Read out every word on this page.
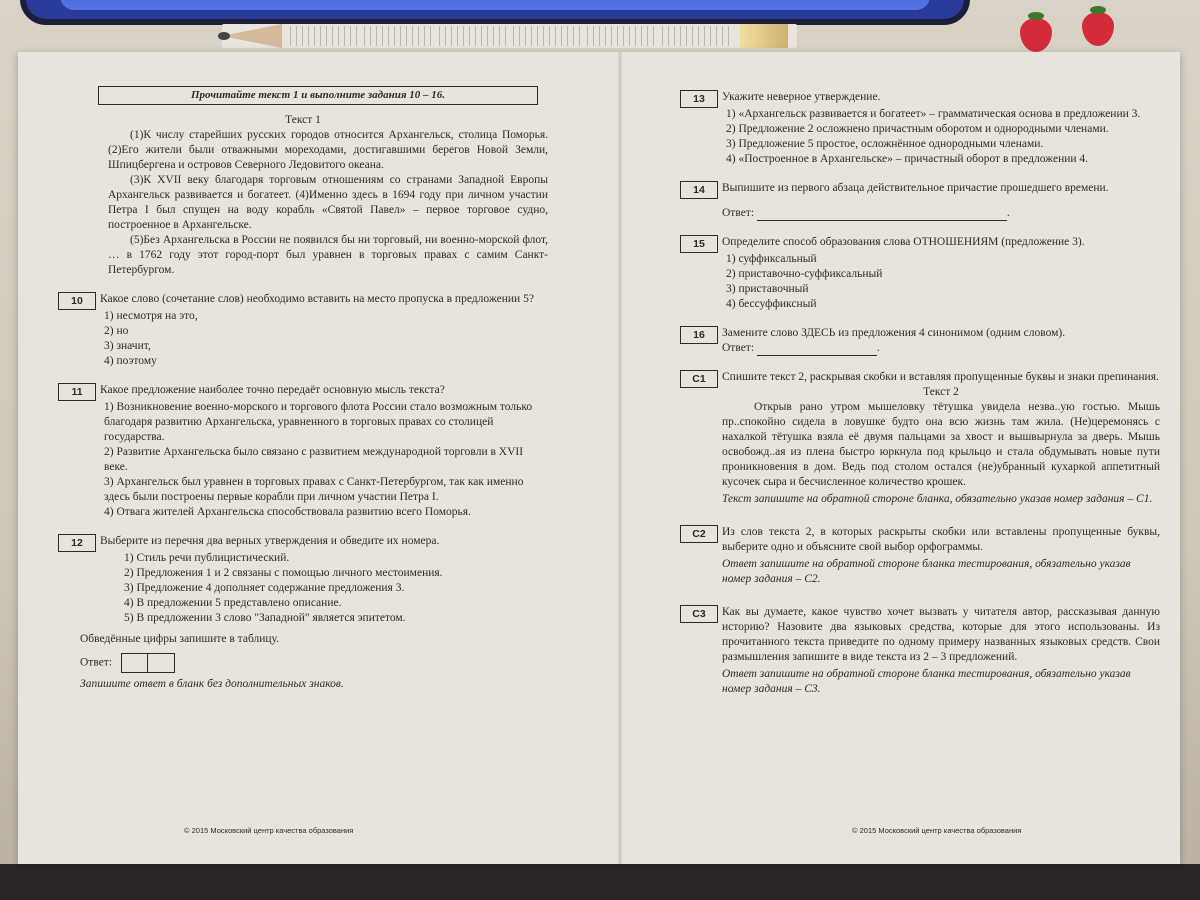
Прочитайте текст 1 и выполните задания 10 – 16.
Текст 1

(1)К числу старейших русских городов относится Архангельск, столица Поморья. (2)Его жители были отважными мореходами, достигавшими берегов Новой Земли, Шпицбергена и островов Северного Ледовитого океана.

(3)К XVII веку благодаря торговым отношениям со странами Западной Европы Архангельск развивается и богатеет. (4)Именно здесь в 1694 году при личном участии Петра I был спущен на воду корабль «Святой Павел» – первое торговое судно, построенное в Архангельске.

(5)Без Архангельска в России не появился бы ни торговый, ни военно-морской флот, … в 1762 году этот город-порт был уравнен в торговых правах с самим Санкт-Петербургом.

10	Какое слово (сочетание слов) необходимо вставить на место пропуска в предложении 5?
1) несмотря на это,
2) но
3) значит,
4) поэтому
11	Какое предложение наиболее точно передаёт основную мысль текста?
1) Возникновение военно-морского и торгового флота России стало возможным только благодаря развитию Архангельска, уравненного в торговых правах со столицей государства.
2) Развитие Архангельска было связано с развитием международной торговли в XVII веке.
3) Архангельск был уравнен в торговых правах с Санкт-Петербургом, так как именно здесь были построены первые корабли при личном участии Петра I.
4) Отвага жителей Архангельска способствовала развитию всего Поморья.
12	Выберите из перечня два верных утверждения и обведите их номера.
1) Стиль речи публицистический.
2) Предложения 1 и 2 связаны с помощью личного местоимения.
3) Предложение 4 дополняет содержание предложения 3.
4) В предложении 5 представлено описание.
5) В предложении 3 слово "Западной" является эпитетом.
Обведённые цифры запишите в таблицу.
Ответ:
Запишите ответ в бланк без дополнительных знаков.
© 2015 Московский центр качества образования
13	Укажите неверное утверждение.
1) «Архангельск развивается и богатеет» – грамматическая основа в предложении 3.
2) Предложение 2 осложнено причастным оборотом и однородными членами.
3) Предложение 5 простое, осложнённое однородными членами.
4) «Построенное в Архангельске» – причастный оборот в предложении 4.
14	Выпишите из первого абзаца действительное причастие прошедшего времени.
Ответ:	.
15	Определите способ образования слова ОТНОШЕНИЯМ (предложение 3).
1) суффиксальный
2) приставочно-суффиксальный
3) приставочный
4) бессуффиксный
16	Замените слово ЗДЕСЬ из предложения 4 синонимом (одним словом).
Ответ:	.
С1	Спишите текст 2, раскрывая скобки и вставляя пропущенные буквы и знаки препинания.
Текст 2

Открыв рано утром мышеловку тётушка увидела незва..ую гостью. Мышь пр..спокойно сидела в ловушке будто она всю жизнь там жила. (Не)церемонясь с нахалкой тётушка взяла её двумя пальцами за хвост и вышвырнула за дверь. Мышь освобожд..ая из плена быстро юркнула под крыльцо и стала обдумывать новые пути проникновения в дом. Ведь под столом остался (не)убранный кухаркой аппетитный кусочек сыра и бесчисленное количество крошек.

Текст запишите на обратной стороне бланка, обязательно указав номер задания – С1.
С2	Из слов текста 2, в которых раскрыты скобки или вставлены пропущенные буквы, выберите одно и объясните свой выбор орфограммы.
Ответ запишите на обратной стороне бланка тестирования, обязательно указав номер задания – С2.
С3	Как вы думаете, какое чувство хочет вызвать у читателя автор, рассказывая данную историю? Назовите два языковых средства, которые для этого использованы. Из прочитанного текста приведите по одному примеру названных языковых средств. Свои размышления запишите в виде текста из 2 – 3 предложений.
Ответ запишите на обратной стороне бланка тестирования, обязательно указав номер задания – С3.
© 2015 Московский центр качества образования
